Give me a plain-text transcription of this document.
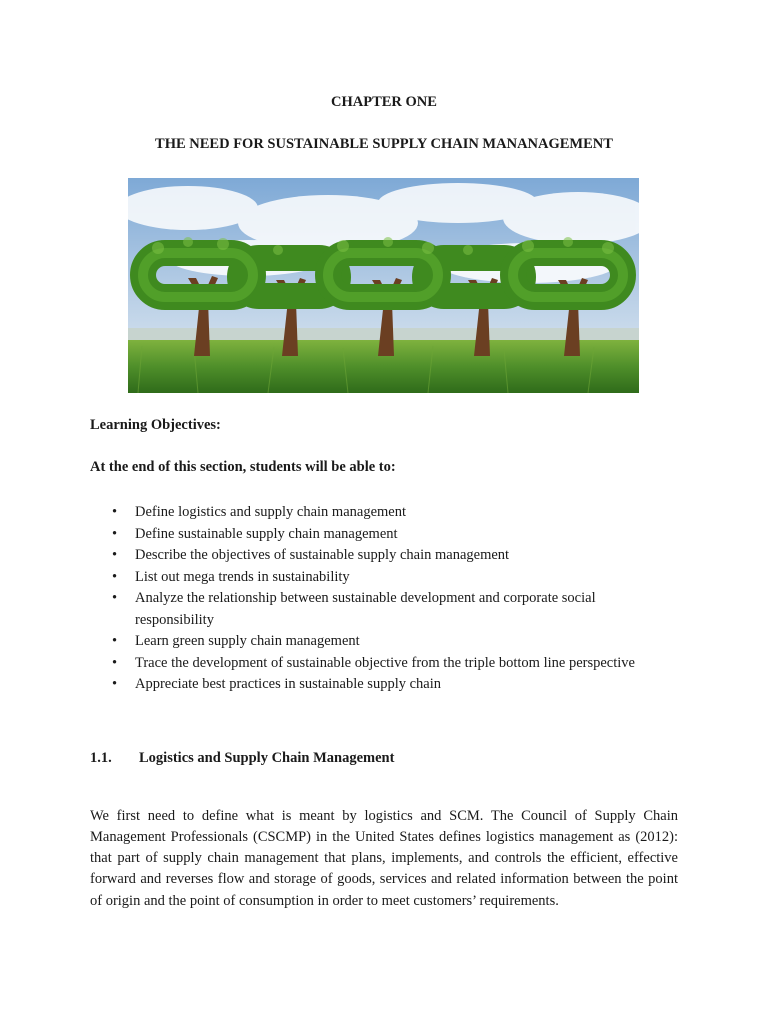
CHAPTER ONE
THE NEED FOR SUSTAINABLE SUPPLY CHAIN MANANAGEMENT
Learning Objectives:
At the end of this section, students will be able to:
• Define logistics and supply chain management
• Define sustainable supply chain management
• Describe the objectives of sustainable supply chain management
• List out mega trends in sustainability
• Analyze the relationship between sustainable development and corporate social responsibility
• Learn green supply chain management
• Trace the development of sustainable objective from the triple bottom line perspective
• Appreciate best practices in sustainable supply chain
1.1. Logistics and Supply Chain Management

We first need to define what is meant by logistics and SCM. The Council of Supply Chain Management Professionals (CSCMP) in the United States defines logistics management as (2012): that part of supply chain management that plans, implements, and controls the efficient, effective forward and reverses flow and storage of goods, services and related information between the point of origin and the point of consumption in order to meet customers’ requirements.
